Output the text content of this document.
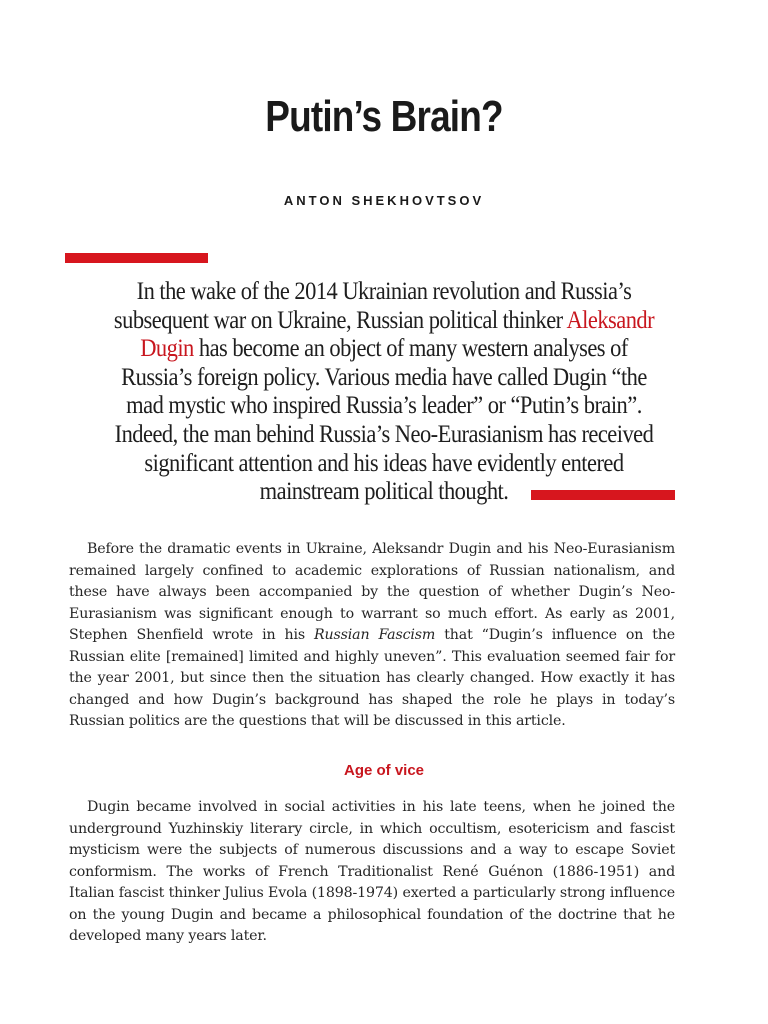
Putin’s Brain?
ANTON SHEKHOVTSOV
In the wake of the 2014 Ukrainian revolution and Russia’s subsequent war on Ukraine, Russian political thinker Aleksandr Dugin has become an object of many western analyses of Russia’s foreign policy. Various media have called Dugin “the mad mystic who inspired Russia’s leader” or “Putin’s brain”. Indeed, the man behind Russia’s Neo-Eurasianism has received significant attention and his ideas have evidently entered mainstream political thought.

Before the dramatic events in Ukraine, Aleksandr Dugin and his Neo-Eurasianism remained largely confined to academic explorations of Russian nationalism, and these have always been accompanied by the question of whether Dugin’s Neo-Eurasianism was significant enough to warrant so much effort. As early as 2001, Stephen Shenfield wrote in his Russian Fascism that “Dugin’s influence on the Russian elite [remained] limited and highly uneven”. This evaluation seemed fair for the year 2001, but since then the situation has clearly changed. How exactly it has changed and how Dugin’s background has shaped the role he plays in today’s Russian politics are the questions that will be discussed in this article.

Age of vice

Dugin became involved in social activities in his late teens, when he joined the underground Yuzhinskiy literary circle, in which occultism, esotericism and fascist mysticism were the subjects of numerous discussions and a way to escape Soviet conformism. The works of French Traditionalist René Guénon (1886-1951) and Italian fascist thinker Julius Evola (1898-1974) exerted a particularly strong influence on the young Dugin and became a philosophical foundation of the doctrine that he developed many years later.
